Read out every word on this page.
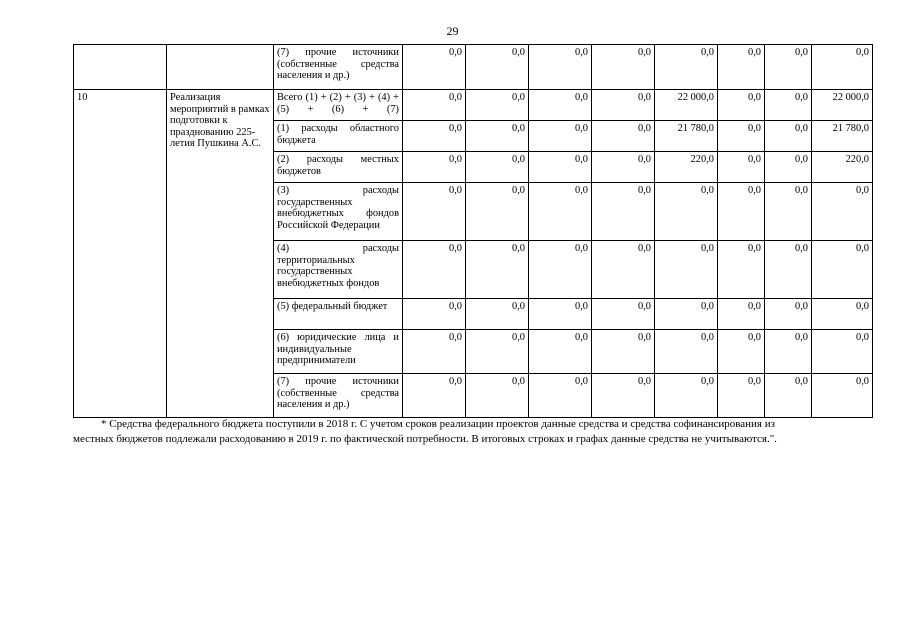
29
		(7) прочие источники (собственные средства населения и др.)	0,0	0,0	0,0	0,0	0,0	0,0	0,0	0,0
10	Реализация мероприятий в рамках подготовки к празднованию 225-летия Пушкина А.С.	Всего (1) + (2) + (3) + (4) + (5) + (6) + (7)	0,0	0,0	0,0	0,0	22 000,0	0,0	0,0	22 000,0
		(1) расходы областного бюджета	0,0	0,0	0,0	0,0	21 780,0	0,0	0,0	21 780,0
		(2) расходы местных бюджетов	0,0	0,0	0,0	0,0	220,0	0,0	0,0	220,0
		(3) расходы государственных внебюджетных фондов Российской Федерации	0,0	0,0	0,0	0,0	0,0	0,0	0,0	0,0
		(4) расходы территориальных государственных внебюджетных фондов	0,0	0,0	0,0	0,0	0,0	0,0	0,0	0,0
		(5) федеральный бюджет	0,0	0,0	0,0	0,0	0,0	0,0	0,0	0,0
		(6) юридические лица и индивидуальные предприниматели	0,0	0,0	0,0	0,0	0,0	0,0	0,0	0,0
		(7) прочие источники (собственные средства населения и др.)	0,0	0,0	0,0	0,0	0,0	0,0	0,0	0,0

* Средства федерального бюджета поступили в 2018 г. С учетом сроков реализации проектов данные средства и средства софинансирования из

местных бюджетов подлежали расходованию в 2019 г. по фактической потребности. В итоговых строках и графах данные средства не учитываются.".
